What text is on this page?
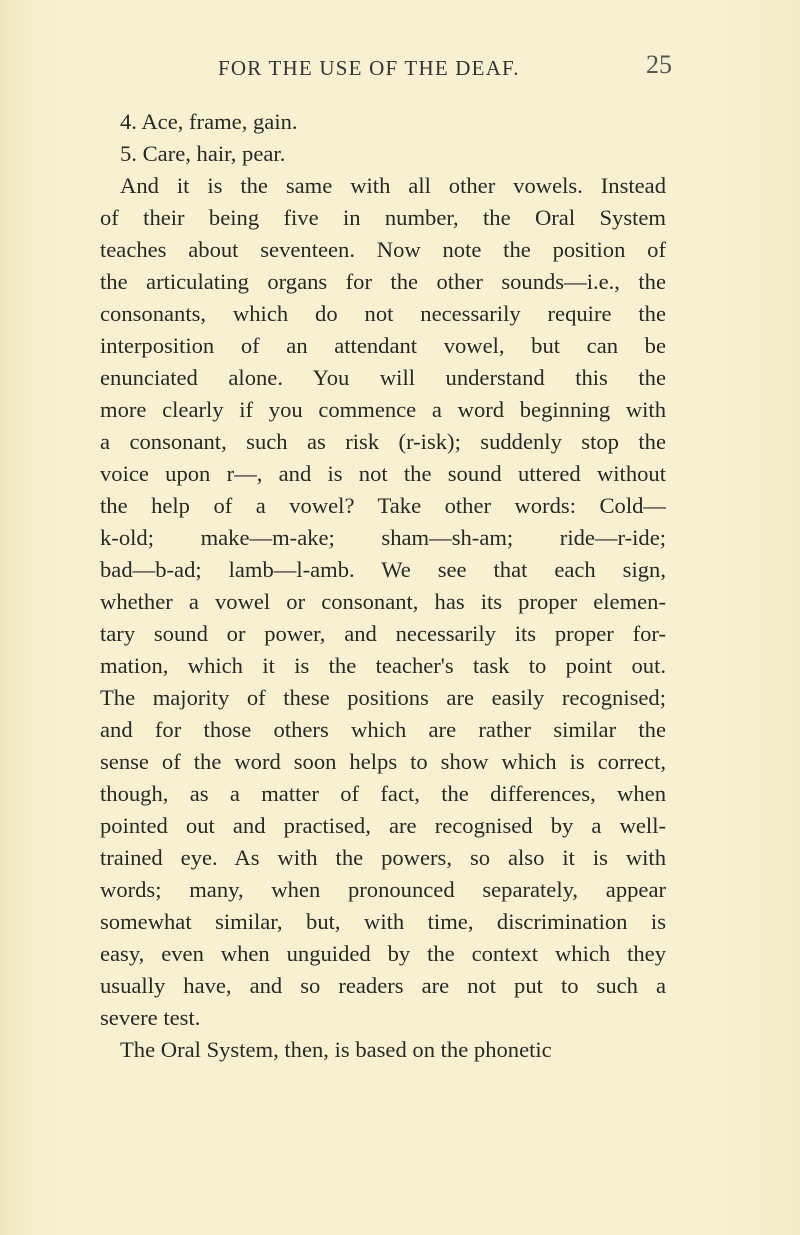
FOR THE USE OF THE DEAF.	25
4. Ace, frame, gain.
5. Care, hair, pear.
And it is the same with all other vowels. Instead
of their being five in number, the Oral System
teaches about seventeen. Now note the position of
the articulating organs for the other sounds—i.e., the
consonants, which do not necessarily require the
interposition of an attendant vowel, but can be
enunciated alone. You will understand this the
more clearly if you commence a word beginning with
a consonant, such as risk (r-isk); suddenly stop the
voice upon r—, and is not the sound uttered without
the help of a vowel? Take other words: Cold—
k-old; make—m-ake; sham—sh-am; ride—r-ide;
bad—b-ad; lamb—l-amb. We see that each sign,
whether a vowel or consonant, has its proper elemen-
tary sound or power, and necessarily its proper for-
mation, which it is the teacher's task to point out.
The majority of these positions are easily recognised;
and for those others which are rather similar the
sense of the word soon helps to show which is correct,
though, as a matter of fact, the differences, when
pointed out and practised, are recognised by a well-
trained eye. As with the powers, so also it is with
words; many, when pronounced separately, appear
somewhat similar, but, with time, discrimination is
easy, even when unguided by the context which they
usually have, and so readers are not put to such a
severe test.
The Oral System, then, is based on the phonetic
